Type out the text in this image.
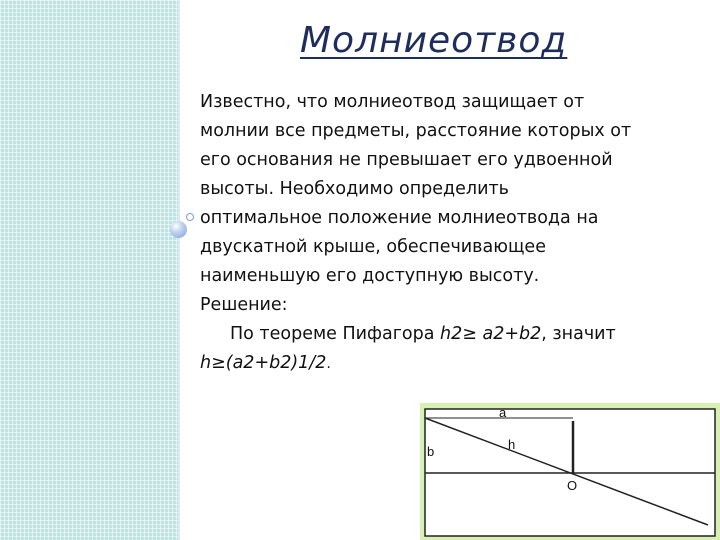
Молниеотвод
Известно, что молниеотвод защищает от
молнии все предметы, расстояние которых от
его основания не превышает его удвоенной
высоты. Необходимо определить
оптимальное положение молниеотвода на
двускатной крыше, обеспечивающее
наименьшую его доступную высоту.
Решение:
По теореме Пифагора h2≥ a2+b2, значит
h≥(a2+b2)1/2.
a
b	h
O
